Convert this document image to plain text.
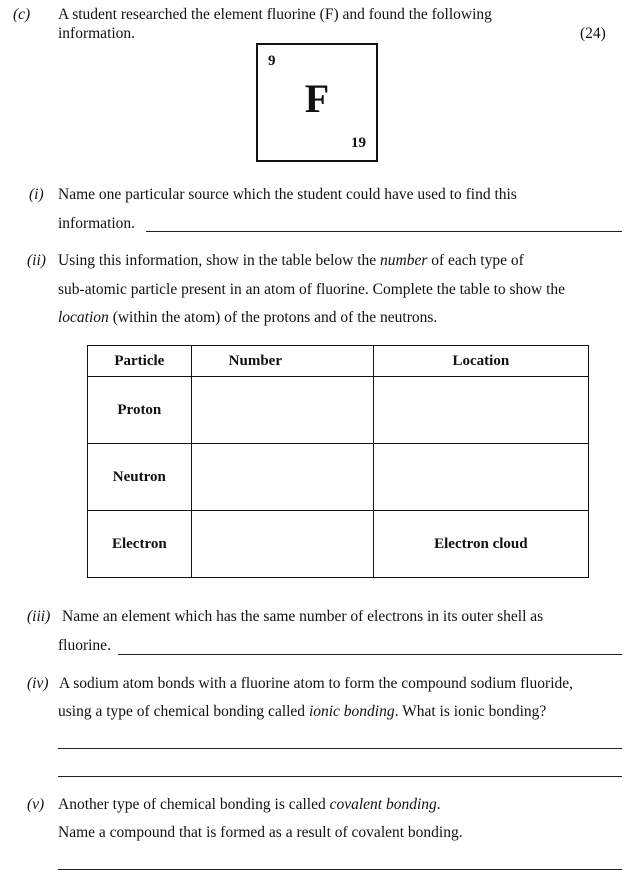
(c) A student researched the element fluorine (F) and found the following
information.	(24)
9
F
19
(i) Name one particular source which the student could have used to find this
information.
(ii) Using this information, show in the table below the number of each type of
sub-atomic particle present in an atom of fluorine. Complete the table to show the
location (within the atom) of the protons and of the neutrons.
Particle	Number	Location
Proton		
Neutron		
Electron		Electron cloud
(iii) Name an element which has the same number of electrons in its outer shell as
fluorine.
(iv) A sodium atom bonds with a fluorine atom to form the compound sodium fluoride,
using a type of chemical bonding called ionic bonding. What is ionic bonding?
(v) Another type of chemical bonding is called covalent bonding.
Name a compound that is formed as a result of covalent bonding.
